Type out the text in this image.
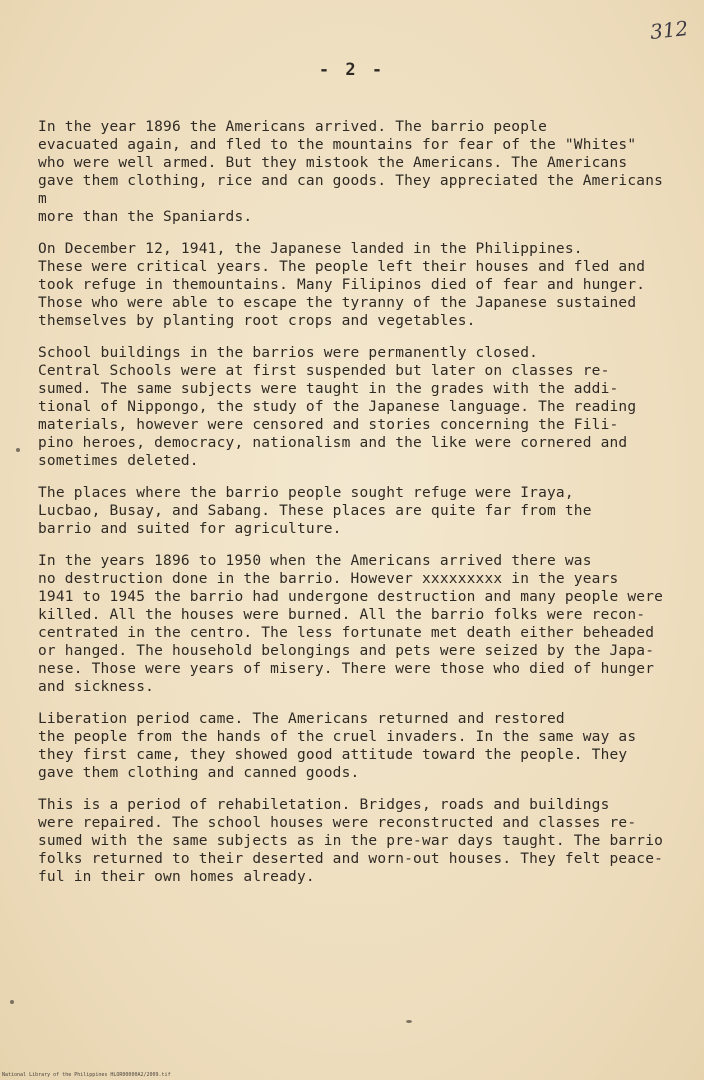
312
- 2 -

In the year 1896 the Americans arrived. The barrio people
evacuated again, and fled to the mountains for fear of the "Whites"
who were well armed. But they mistook the Americans. The Americans
gave them clothing, rice and can goods. They appreciated the Americans m
more than the Spaniards.

On December 12, 1941, the Japanese landed in the Philippines.
These were critical years. The people left their houses and fled and
took refuge in themountains. Many Filipinos died of fear and hunger.
Those who were able to escape the tyranny of the Japanese sustained
themselves by planting root crops and vegetables.

School buildings in the barrios were permanently closed.
Central Schools were at first suspended but later on classes re-
sumed. The same subjects were taught in the grades with the addi-
tional of Nippongo, the study of the Japanese language. The reading
materials, however were censored and stories concerning the Fili-
pino heroes, democracy, nationalism and the like were cornered and
sometimes deleted.

The places where the barrio people sought refuge were Iraya,
Lucbao, Busay, and Sabang. These places are quite far from the
barrio and suited for agriculture.

In the years 1896 to 1950 when the Americans arrived there was
no destruction done in the barrio. However xxxxxxxxx in the years
1941 to 1945 the barrio had undergone destruction and many people were
killed. All the houses were burned. All the barrio folks were recon-
centrated in the centro. The less fortunate met death either beheaded
or hanged. The household belongings and pets were seized by the Japa-
nese. Those were years of misery. There were those who died of hunger
and sickness.

Liberation period came. The Americans returned and restored
the people from the hands of the cruel invaders. In the same way as
they first came, they showed good attitude toward the people. They
gave them clothing and canned goods.

This is a period of rehabiletation. Bridges, roads and buildings
were repaired. The school houses were reconstructed and classes re-
sumed with the same subjects as in the pre-war days taught. The barrio
folks returned to their deserted and worn-out houses. They felt peace-
ful in their own homes already.

National Library of the Philippines HLOR00000A2/2009.tif
